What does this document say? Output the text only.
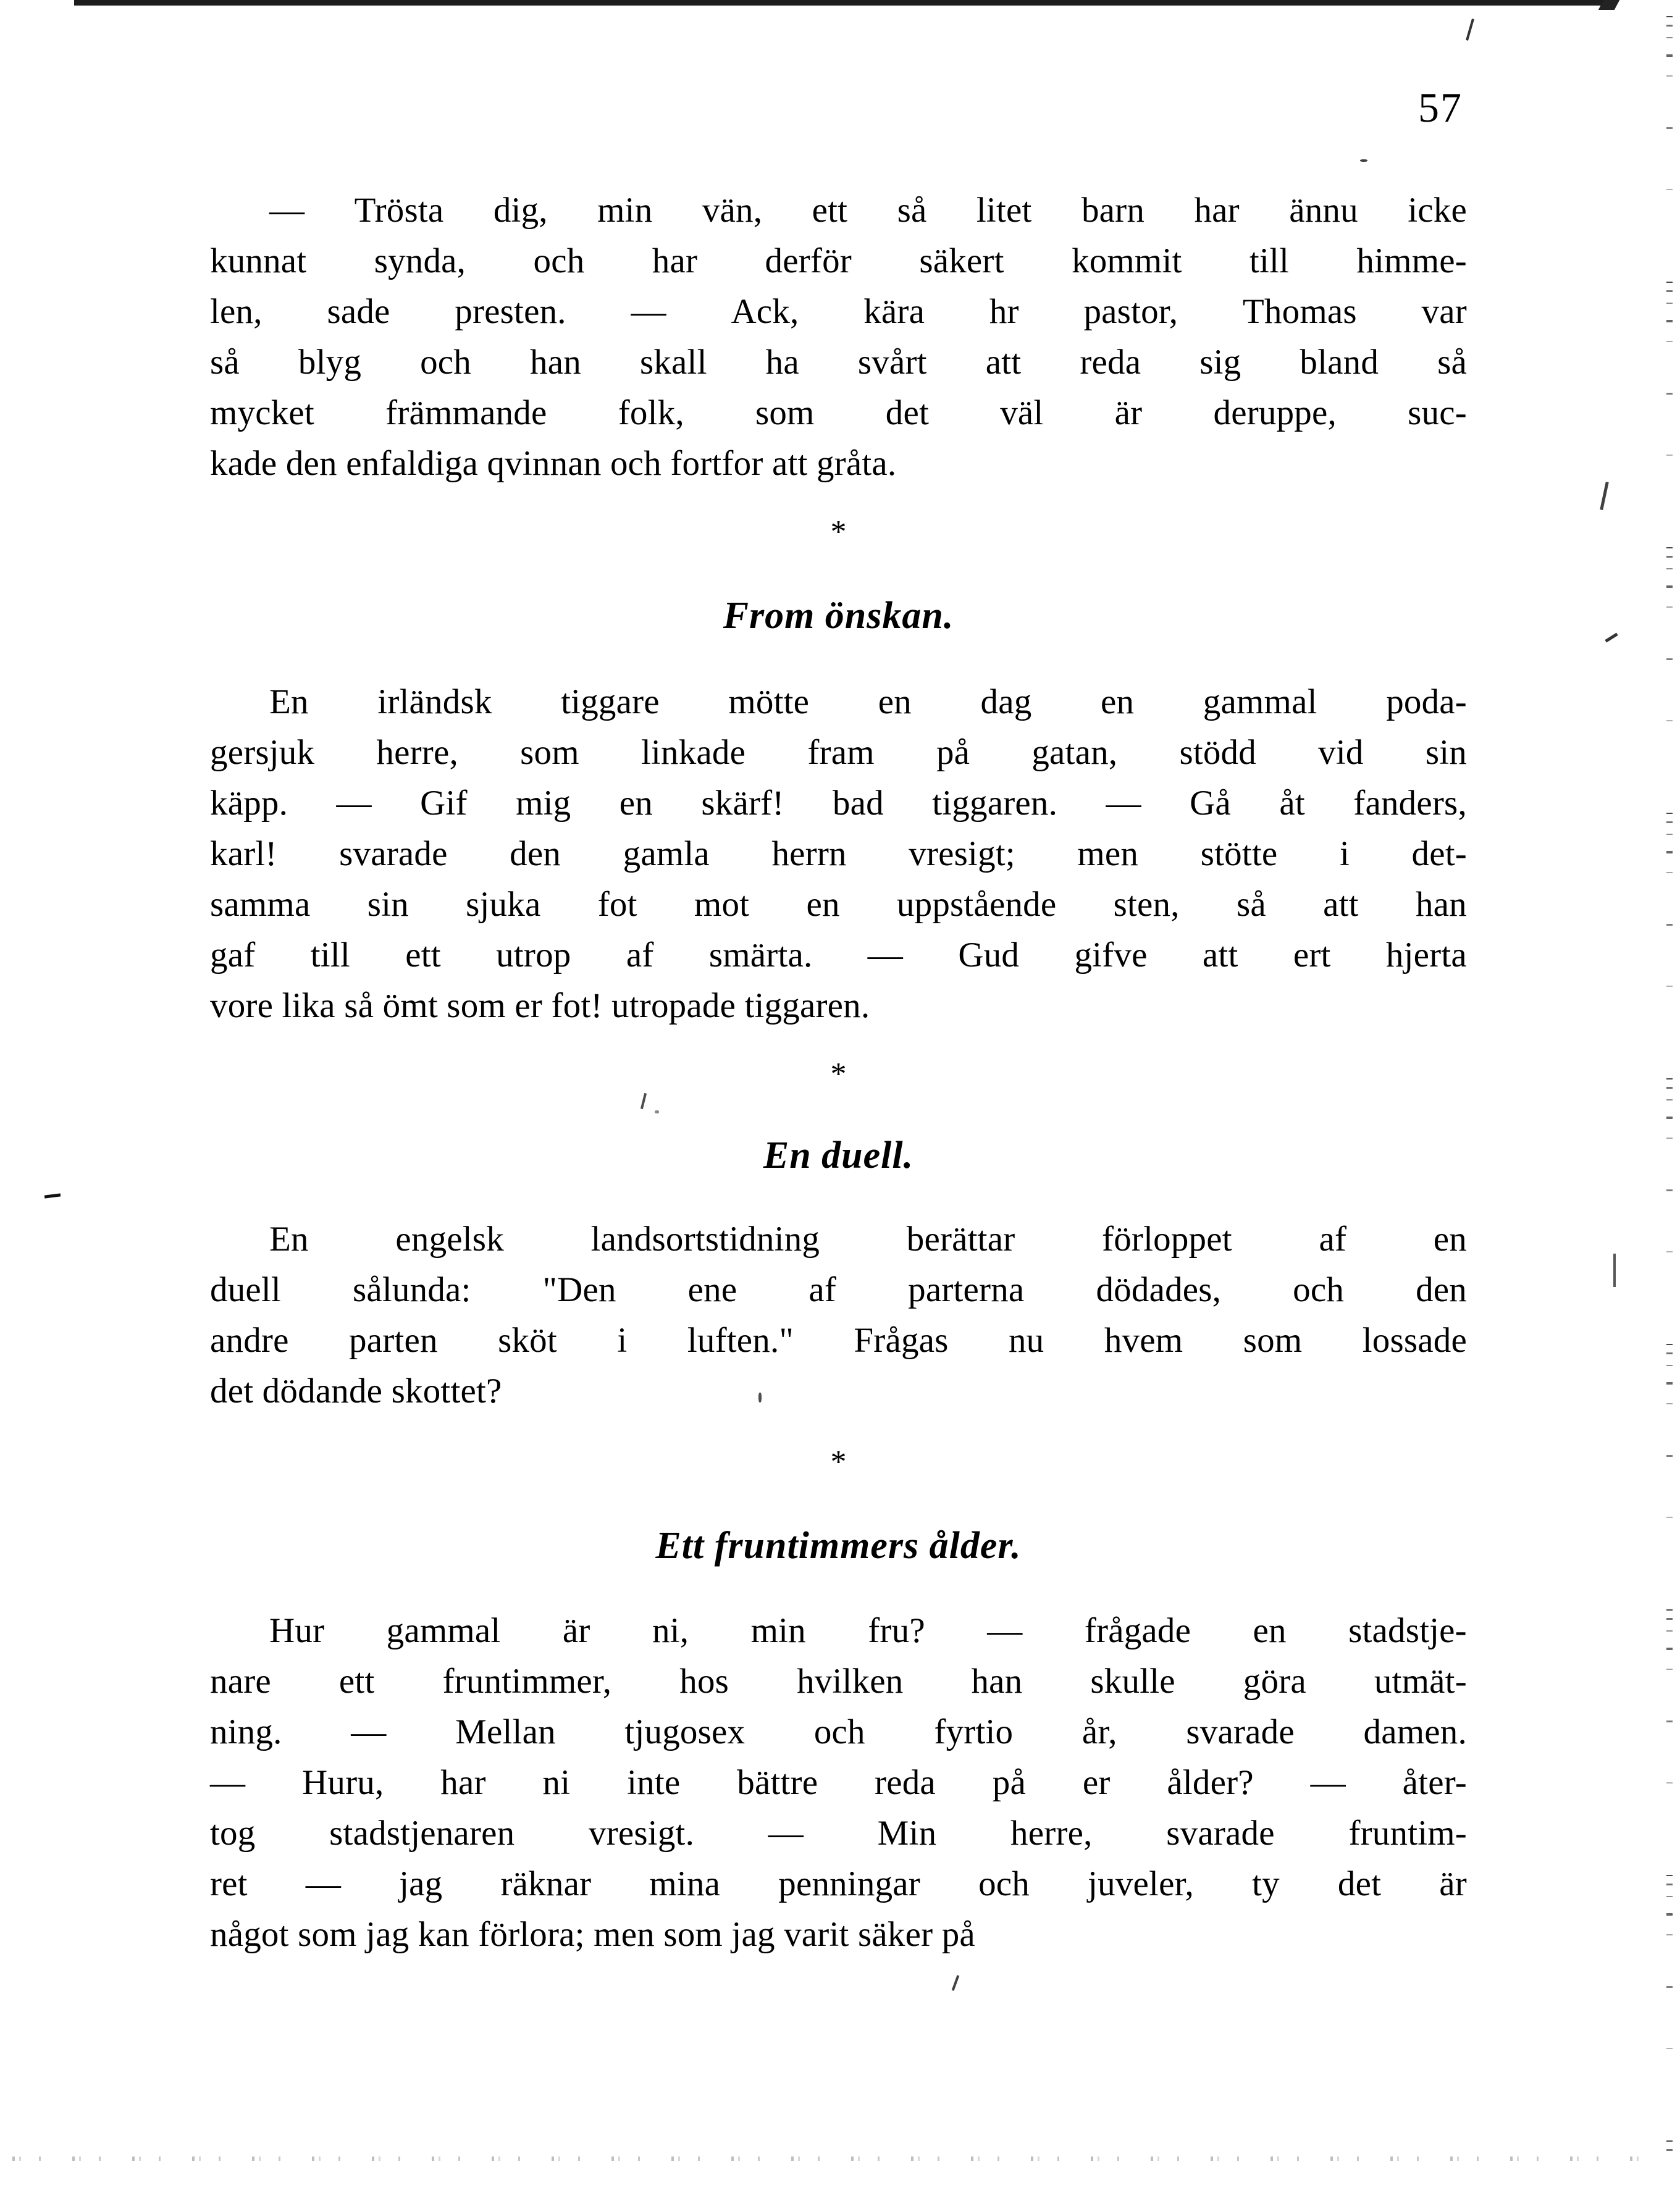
57

— Trösta dig, min vän, ett så litet barn har ännu icke
kunnat synda, och har derför säkert kommit till himme-
len, sade presten. — Ack, kära hr pastor, Thomas var
så blyg och han skall ha svårt att reda sig bland så
mycket främmande folk, som det väl är deruppe, suc-
kade den enfaldiga qvinnan och fortfor att gråta.

*

From önskan.

En irländsk tiggare mötte en dag en gammal poda-
gersjuk herre, som linkade fram på gatan, stödd vid sin
käpp. — Gif mig en skärf! bad tiggaren. — Gå åt fanders,
karl! svarade den gamla herrn vresigt; men stötte i det-
samma sin sjuka fot mot en uppstående sten, så att han
gaf till ett utrop af smärta. — Gud gifve att ert hjerta
vore lika så ömt som er fot! utropade tiggaren.

*

En duell.

En engelsk landsortstidning berättar förloppet af en
duell sålunda: "Den ene af parterna dödades, och den
andre parten sköt i luften." Frågas nu hvem som lossade
det dödande skottet?

*

Ett fruntimmers ålder.

Hur gammal är ni, min fru? — frågade en stadstje-
nare ett fruntimmer, hos hvilken han skulle göra utmät-
ning. — Mellan tjugosex och fyrtio år, svarade damen.
— Huru, har ni inte bättre reda på er ålder? — åter-
tog stadstjenaren vresigt. — Min herre, svarade fruntim-
ret — jag räknar mina penningar och juveler, ty det är
något som jag kan förlora; men som jag varit säker på
